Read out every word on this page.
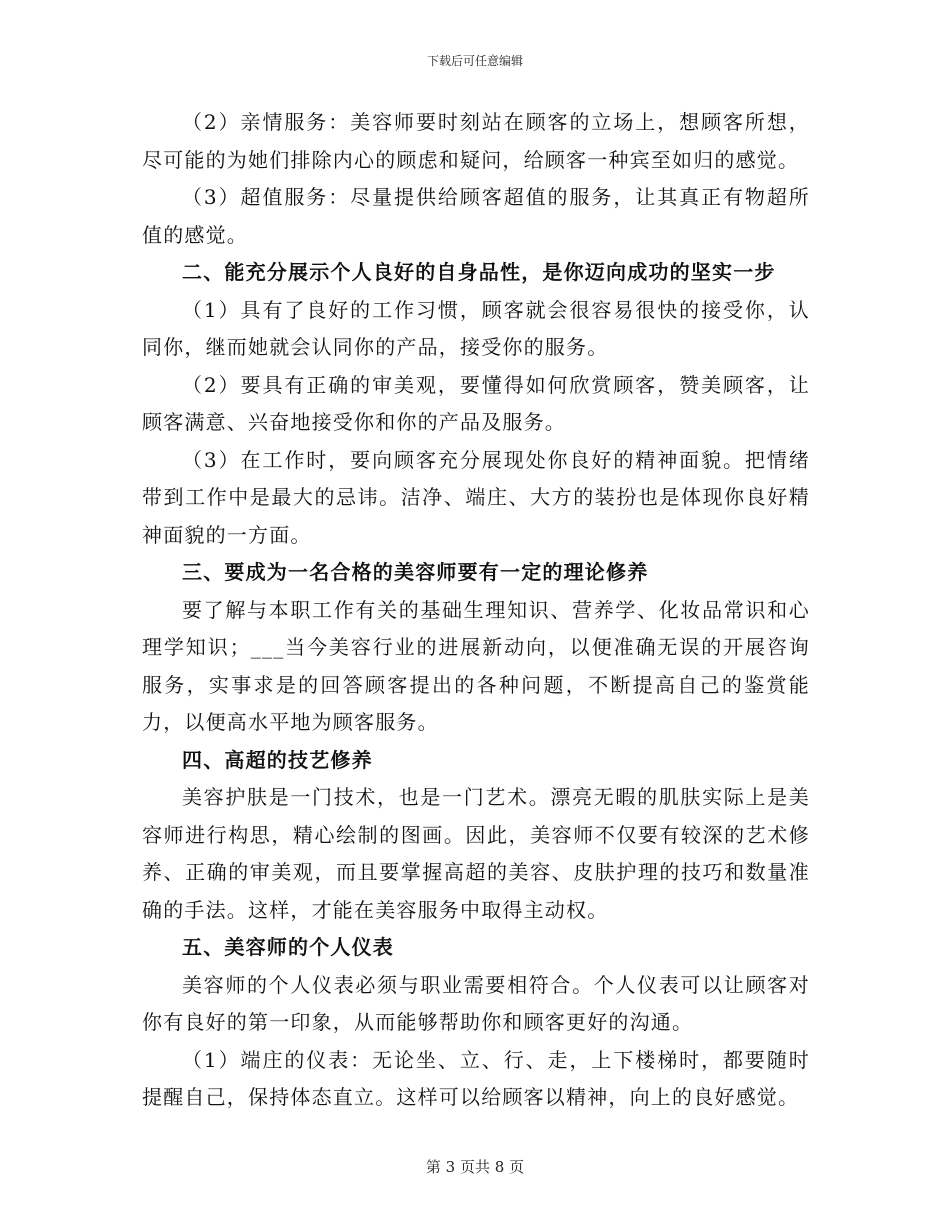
下载后可任意编辑

（2）亲情服务：美容师要时刻站在顾客的立场上，想顾客所想，尽可能的为她们排除内心的顾虑和疑问，给顾客一种宾至如归的感觉。

（3）超值服务：尽量提供给顾客超值的服务，让其真正有物超所值的感觉。

二、能充分展示个人良好的自身品性，是你迈向成功的坚实一步

（1）具有了良好的工作习惯，顾客就会很容易很快的接受你，认同你，继而她就会认同你的产品，接受你的服务。

（2）要具有正确的审美观，要懂得如何欣赏顾客，赞美顾客，让顾客满意、兴奋地接受你和你的产品及服务。

（3）在工作时，要向顾客充分展现处你良好的精神面貌。把情绪带到工作中是最大的忌讳。洁净、端庄、大方的装扮也是体现你良好精神面貌的一方面。

三、要成为一名合格的美容师要有一定的理论修养

要了解与本职工作有关的基础生理知识、营养学、化妆品常识和心理学知识；___当今美容行业的进展新动向，以便准确无误的开展咨询服务，实事求是的回答顾客提出的各种问题，不断提高自己的鉴赏能力，以便高水平地为顾客服务。

四、高超的技艺修养

美容护肤是一门技术，也是一门艺术。漂亮无暇的肌肤实际上是美容师进行构思，精心绘制的图画。因此，美容师不仅要有较深的艺术修养、正确的审美观，而且要掌握高超的美容、皮肤护理的技巧和数量准确的手法。这样，才能在美容服务中取得主动权。

五、美容师的个人仪表

美容师的个人仪表必须与职业需要相符合。个人仪表可以让顾客对你有良好的第一印象，从而能够帮助你和顾客更好的沟通。

（1）端庄的仪表：无论坐、立、行、走，上下楼梯时，都要随时提醒自己，保持体态直立。这样可以给顾客以精神，向上的良好感觉。

第 3 页共 8 页
